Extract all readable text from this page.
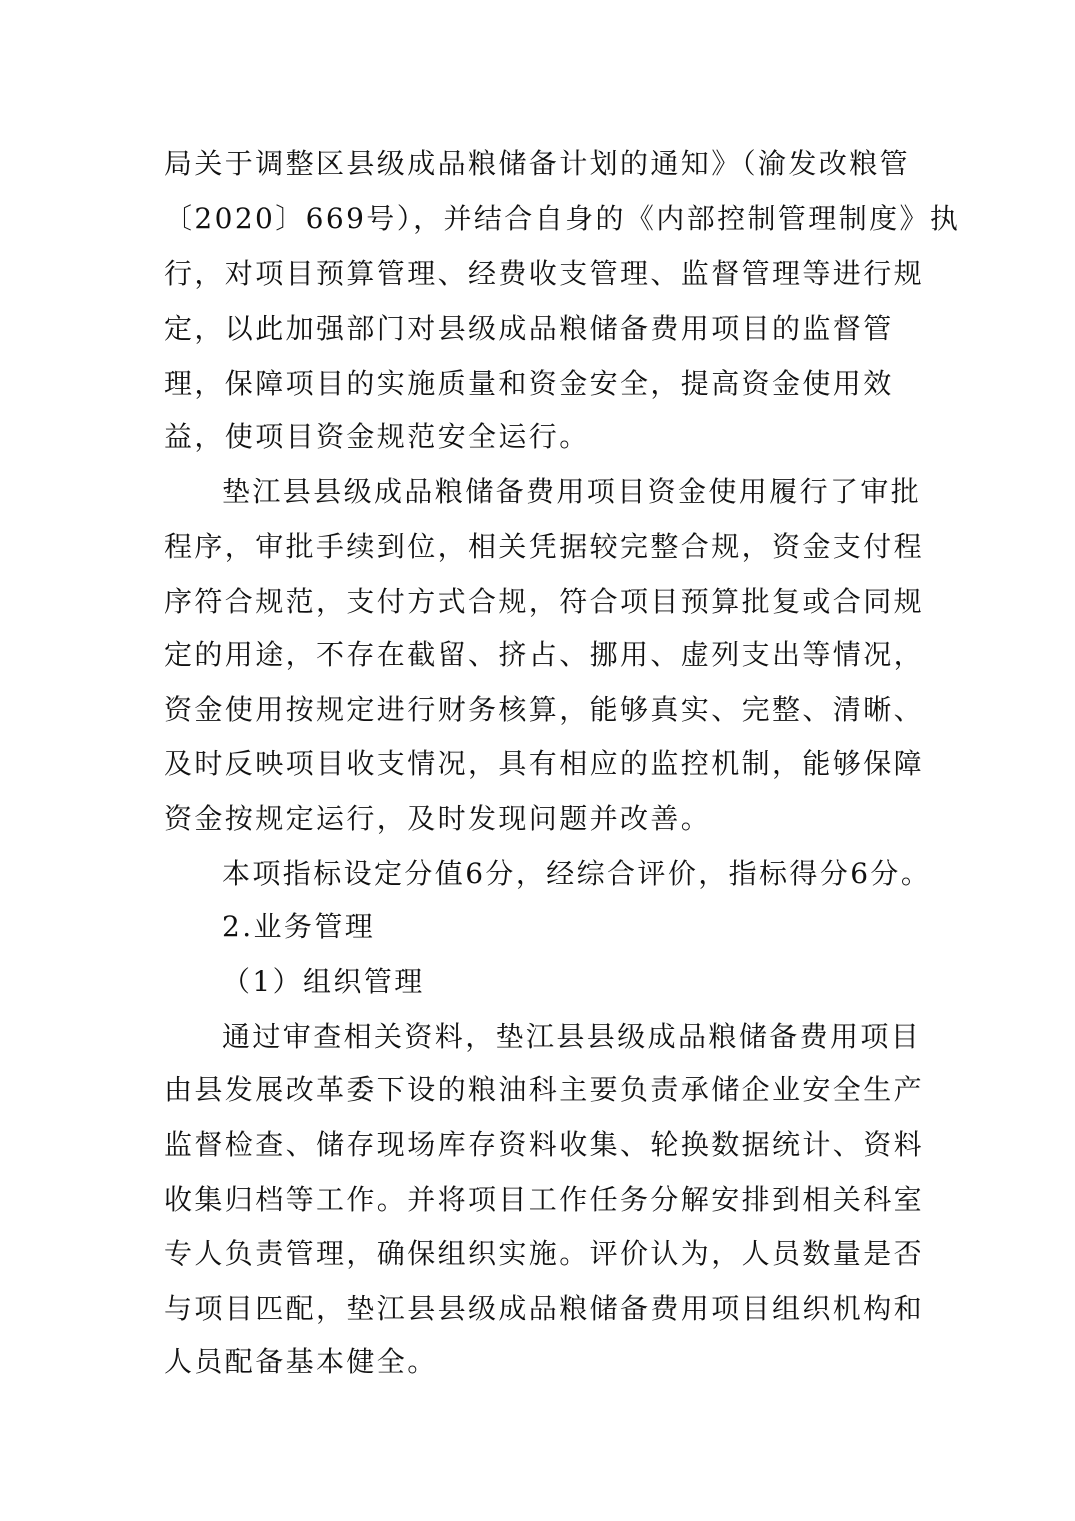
局关于调整区县级成品粮储备计划的通知》（渝发改粮管
〔2020〕669号），并结合自身的《内部控制管理制度》执
行，对项目预算管理、经费收支管理、监督管理等进行规
定，以此加强部门对县级成品粮储备费用项目的监督管
理，保障项目的实施质量和资金安全，提高资金使用效
益，使项目资金规范安全运行。
垫江县县级成品粮储备费用项目资金使用履行了审批
程序，审批手续到位，相关凭据较完整合规，资金支付程
序符合规范，支付方式合规，符合项目预算批复或合同规
定的用途，不存在截留、挤占、挪用、虚列支出等情况，
资金使用按规定进行财务核算，能够真实、完整、清晰、
及时反映项目收支情况，具有相应的监控机制，能够保障
资金按规定运行，及时发现问题并改善。
本项指标设定分值6分，经综合评价，指标得分6分。
2.业务管理
（1）组织管理
通过审查相关资料，垫江县县级成品粮储备费用项目
由县发展改革委下设的粮油科主要负责承储企业安全生产
监督检查、储存现场库存资料收集、轮换数据统计、资料
收集归档等工作。并将项目工作任务分解安排到相关科室
专人负责管理，确保组织实施。评价认为，人员数量是否
与项目匹配，垫江县县级成品粮储备费用项目组织机构和
人员配备基本健全。
